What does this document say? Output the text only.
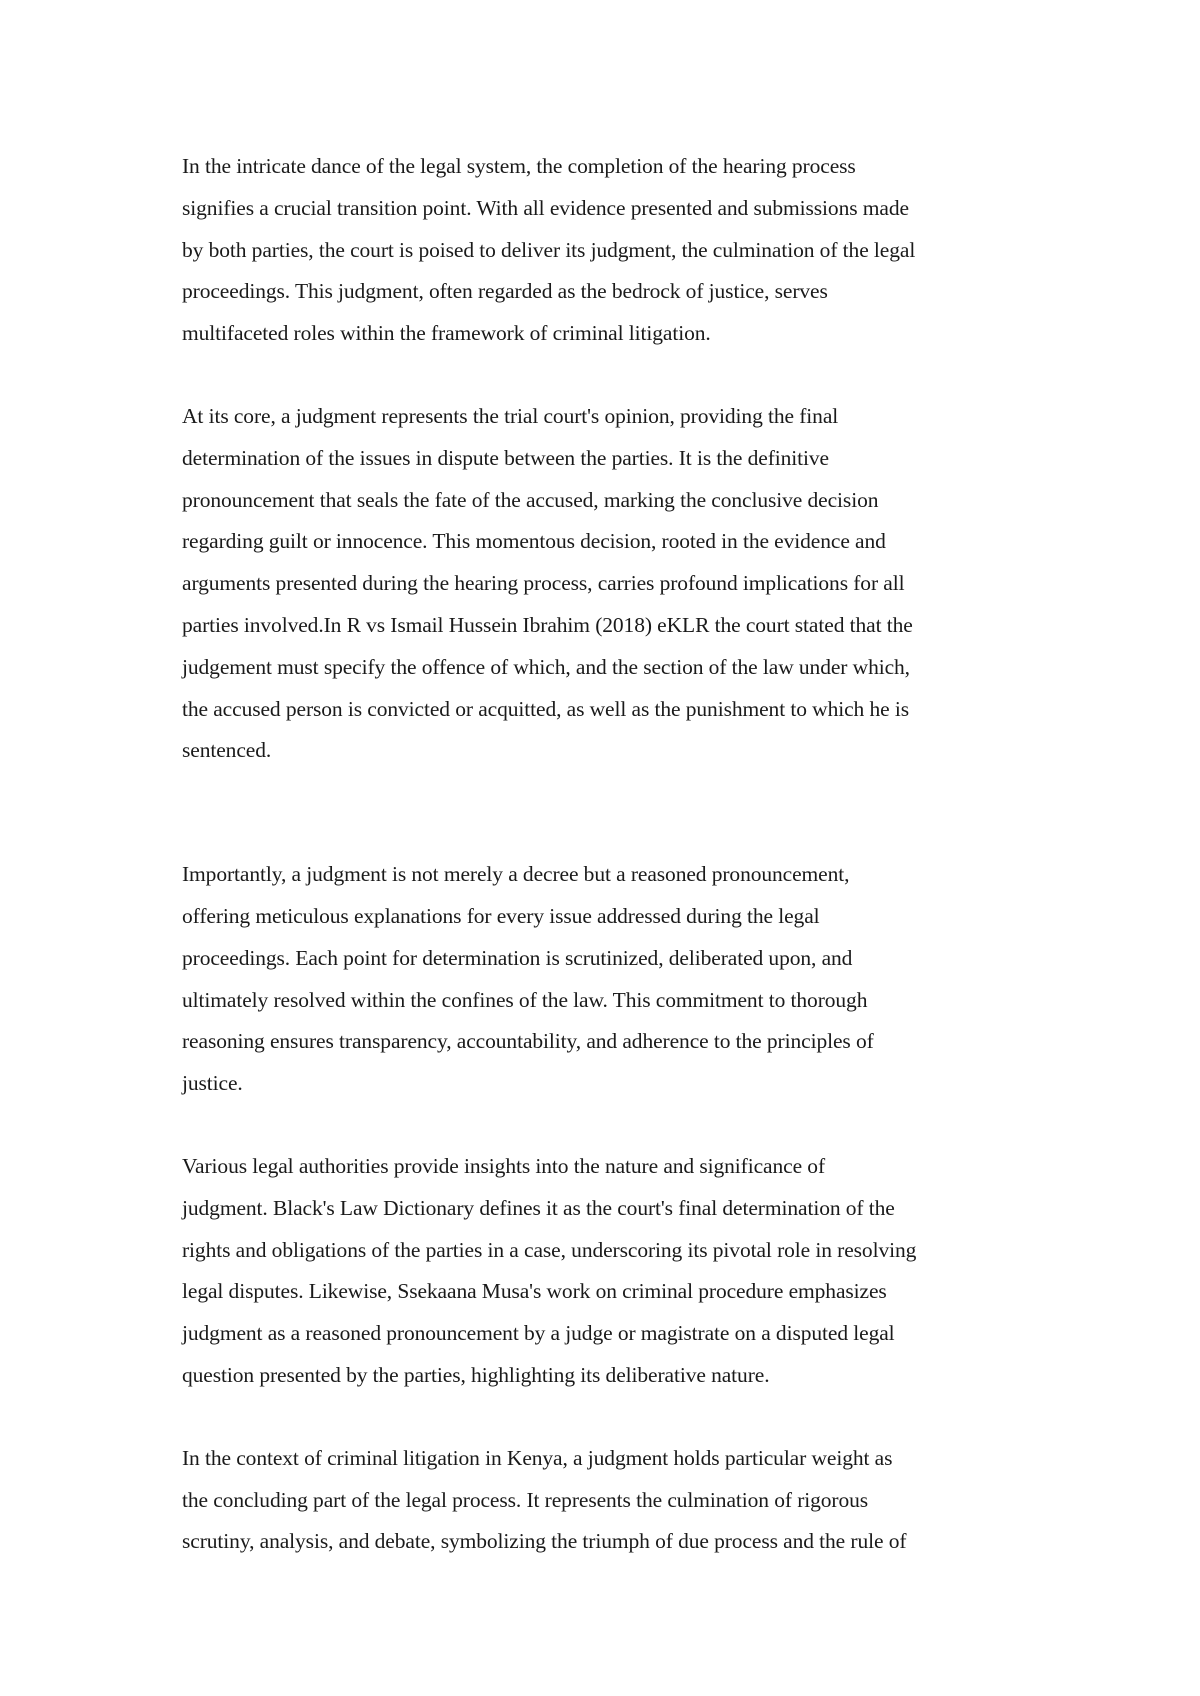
In the intricate dance of the legal system, the completion of the hearing process
signifies a crucial transition point. With all evidence presented and submissions made
by both parties, the court is poised to deliver its judgment, the culmination of the legal
proceedings. This judgment, often regarded as the bedrock of justice, serves
multifaceted roles within the framework of criminal litigation.
At its core, a judgment represents the trial court's opinion, providing the final
determination of the issues in dispute between the parties. It is the definitive
pronouncement that seals the fate of the accused, marking the conclusive decision
regarding guilt or innocence. This momentous decision, rooted in the evidence and
arguments presented during the hearing process, carries profound implications for all
parties involved.In R vs Ismail Hussein Ibrahim (2018) eKLR the court stated that the
judgement must specify the offence of which, and the section of the law under which,
the accused person is convicted or acquitted, as well as the punishment to which he is
sentenced.
Importantly, a judgment is not merely a decree but a reasoned pronouncement,
offering meticulous explanations for every issue addressed during the legal
proceedings. Each point for determination is scrutinized, deliberated upon, and
ultimately resolved within the confines of the law. This commitment to thorough
reasoning ensures transparency, accountability, and adherence to the principles of
justice.
Various legal authorities provide insights into the nature and significance of
judgment. Black's Law Dictionary defines it as the court's final determination of the
rights and obligations of the parties in a case, underscoring its pivotal role in resolving
legal disputes. Likewise, Ssekaana Musa's work on criminal procedure emphasizes
judgment as a reasoned pronouncement by a judge or magistrate on a disputed legal
question presented by the parties, highlighting its deliberative nature.
In the context of criminal litigation in Kenya, a judgment holds particular weight as
the concluding part of the legal process. It represents the culmination of rigorous
scrutiny, analysis, and debate, symbolizing the triumph of due process and the rule of
